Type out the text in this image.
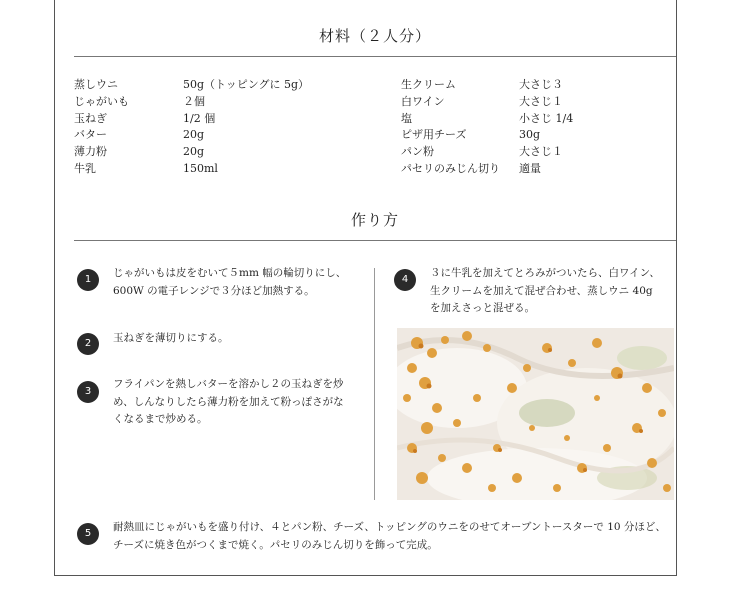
材料（２人分）
蒸しウニ
じゃがいも
玉ねぎ
バター
薄力粉
牛乳
50g（トッピングに 5g）
２個
1/2 個
20g
20g
150ml
生クリーム
白ワイン
塩
ピザ用チーズ
パン粉
パセリのみじん切り
大さじ３
大さじ１
小さじ 1/4
30g
大さじ１
適量
作り方
1
じゃがいもは皮をむいて５mm 幅の輪切りにし、
600W の電子レンジで３分ほど加熱する。
2	玉ねぎを薄切りにする。
3
フライパンを熱しバターを溶かし２の玉ねぎを炒
め、しんなりしたら薄力粉を加えて粉っぽさがな
くなるまで炒める。
4
３に牛乳を加えてとろみがついたら、白ワイン、
生クリームを加えて混ぜ合わせ、蒸しウニ 40g
を加えさっと混ぜる。
5
耐熱皿にじゃがいもを盛り付け、４とパン粉、チーズ、トッピングのウニをのせてオーブントースターで 10 分ほど、
チーズに焼き色がつくまで焼く。パセリのみじん切りを飾って完成。
